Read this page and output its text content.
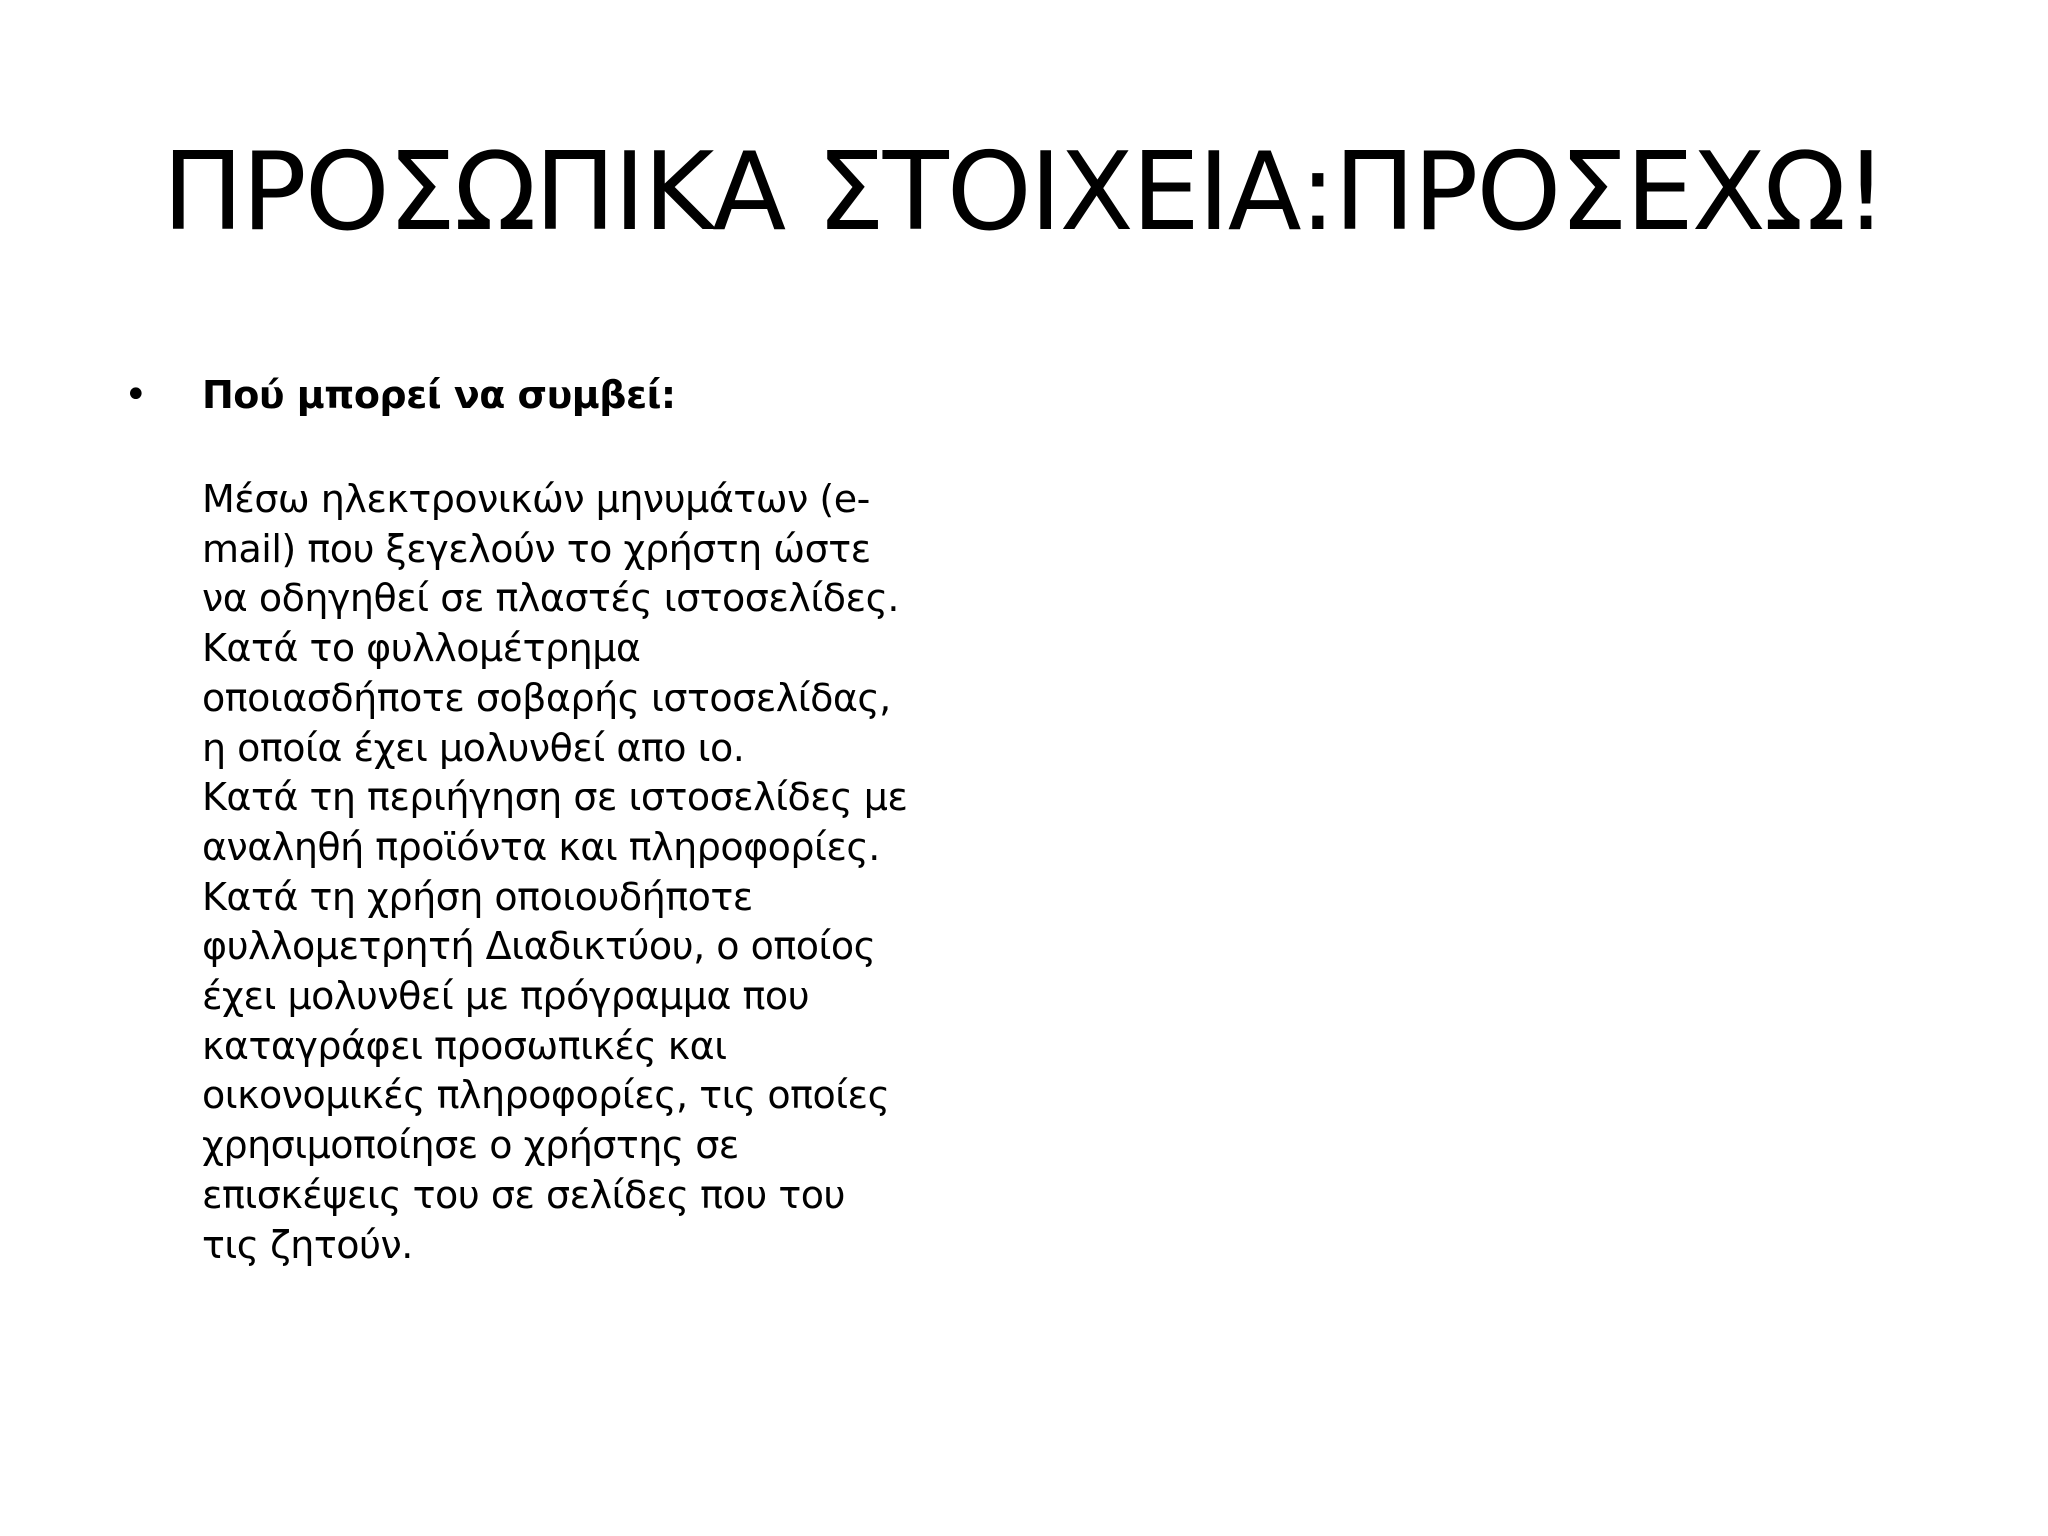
ΠΡΟΣΩΠΙΚΑ ΣΤΟΙΧΕΙΑ:ΠΡΟΣΕΧΩ!
• Πού μπορεί να συμβεί:
Μέσω ηλεκτρονικών μηνυμάτων (e-
mail) που ξεγελούν το χρήστη ώστε
να οδηγηθεί σε πλαστές ιστοσελίδες.
Κατά το φυλλομέτρημα
οποιασδήποτε σοβαρής ιστοσελίδας,
η οποία έχει μολυνθεί απο ιο.
Κατά τη περιήγηση σε ιστοσελίδες με
αναληθή προϊόντα και πληροφορίες.
Κατά τη χρήση οποιουδήποτε
φυλλομετρητή Διαδικτύου, ο οποίος
έχει μολυνθεί με πρόγραμμα που
καταγράφει προσωπικές και
οικονομικές πληροφορίες, τις οποίες
χρησιμοποίησε ο χρήστης σε
επισκέψεις του σε σελίδες που του
τις ζητούν.
